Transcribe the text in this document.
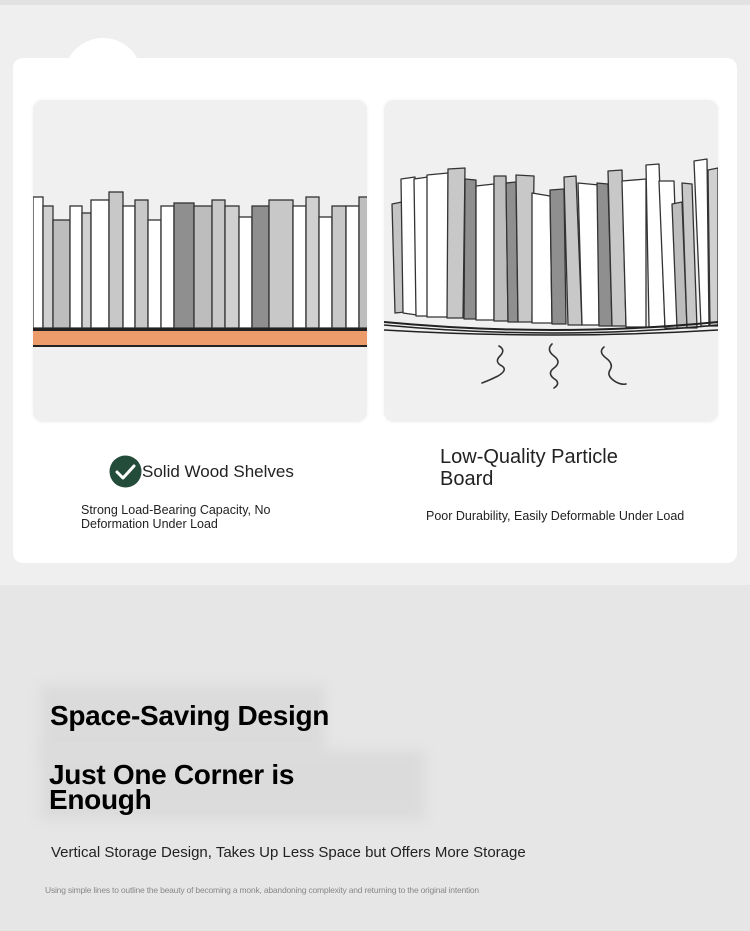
Solid Wood Shelves
Strong Load-Bearing Capacity, No Deformation Under Load
Low-Quality Particle Board
Poor Durability, Easily Deformable Under Load
Space-Saving Design
Just One Corner is Enough
Vertical Storage Design, Takes Up Less Space but Offers More Storage
Using simple lines to outline the beauty of becoming a monk, abandoning complexity and returning to the original intention
